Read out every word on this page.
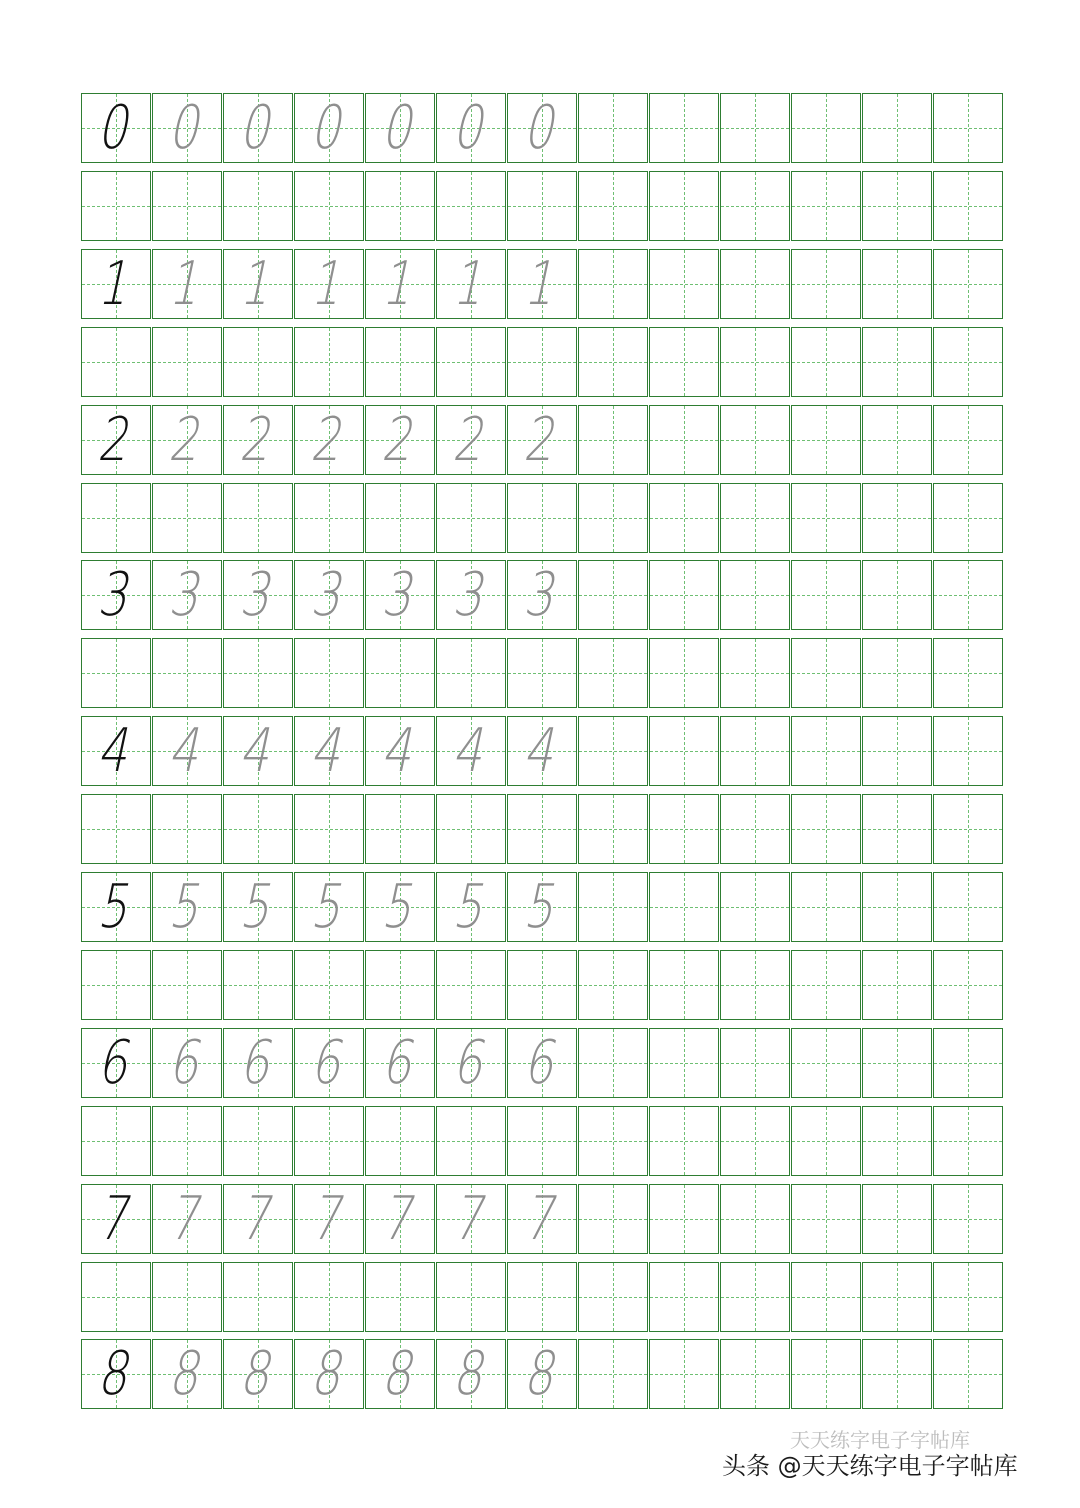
0 0 0 0 0 0 0
1 1 1 1 1 1 1
2 2 2 2 2 2 2
3 3 3 3 3 3 3
4 4 4 4 4 4 4
5 5 5 5 5 5 5
6 6 6 6 6 6 6
7 7 7 7 7 7 7
8 8 8 8 8 8 8
天天练字电子字帖库
头条 @天天练字电子字帖库
